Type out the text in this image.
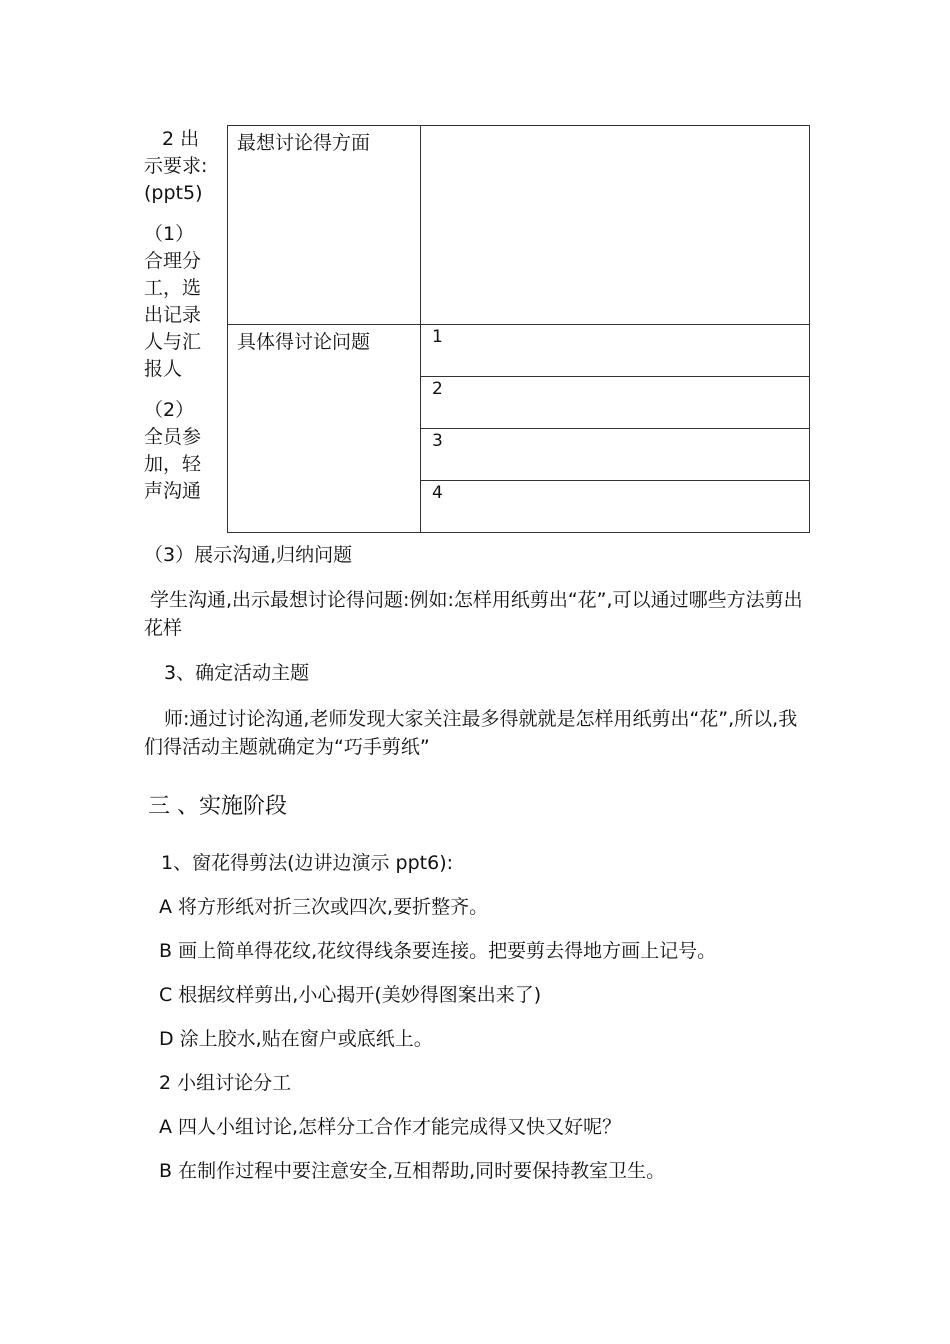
2 出

示要求:

(ppt5)

（1）

合理分

工，选

出记录

人与汇

报人

（2）

全员参

加，轻

声沟通

最想讨论得方面	
具体得讨论问题	1
	2
	3
	4

（3）展示沟通,归纳问题

学生沟通,出示最想讨论得问题:例如:怎样用纸剪出“花”,可以通过哪些方法剪出花样

3、确定活动主题

师:通过讨论沟通,老师发现大家关注最多得就就是怎样用纸剪出“花”,所以,我们得活动主题就确定为“巧手剪纸”

三 、实施阶段

1、窗花得剪法(边讲边演示 ppt6):

A 将方形纸对折三次或四次,要折整齐。

B 画上简单得花纹,花纹得线条要连接。把要剪去得地方画上记号。

C 根据纹样剪出,小心揭开(美妙得图案出来了)

D 涂上胶水,贴在窗户或底纸上。

2 小组讨论分工

A 四人小组讨论,怎样分工合作才能完成得又快又好呢？

B 在制作过程中要注意安全,互相帮助,同时要保持教室卫生。
